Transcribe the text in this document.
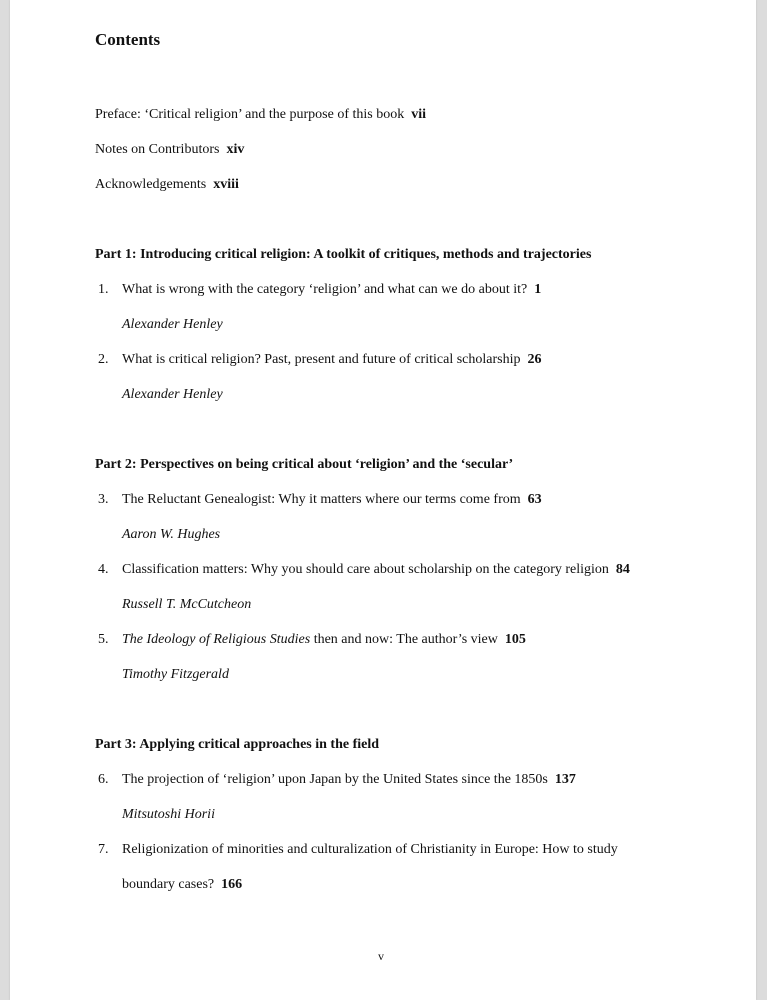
Contents
Preface: ‘Critical religion’ and the purpose of this book vii
Notes on Contributors xiv
Acknowledgements xviii
Part 1: Introducing critical religion: A toolkit of critiques, methods and trajectories
1. What is wrong with the category ‘religion’ and what can we do about it? 1
Alexander Henley
2. What is critical religion? Past, present and future of critical scholarship 26
Alexander Henley
Part 2: Perspectives on being critical about ‘religion’ and the ‘secular’
3. The Reluctant Genealogist: Why it matters where our terms come from 63
Aaron W. Hughes
4. Classification matters: Why you should care about scholarship on the category religion 84
Russell T. McCutcheon
5. The Ideology of Religious Studies then and now: The author’s view 105
Timothy Fitzgerald
Part 3: Applying critical approaches in the field
6. The projection of ‘religion’ upon Japan by the United States since the 1850s 137
Mitsutoshi Horii
7. Religionization of minorities and culturalization of Christianity in Europe: How to study
boundary cases? 166
v
